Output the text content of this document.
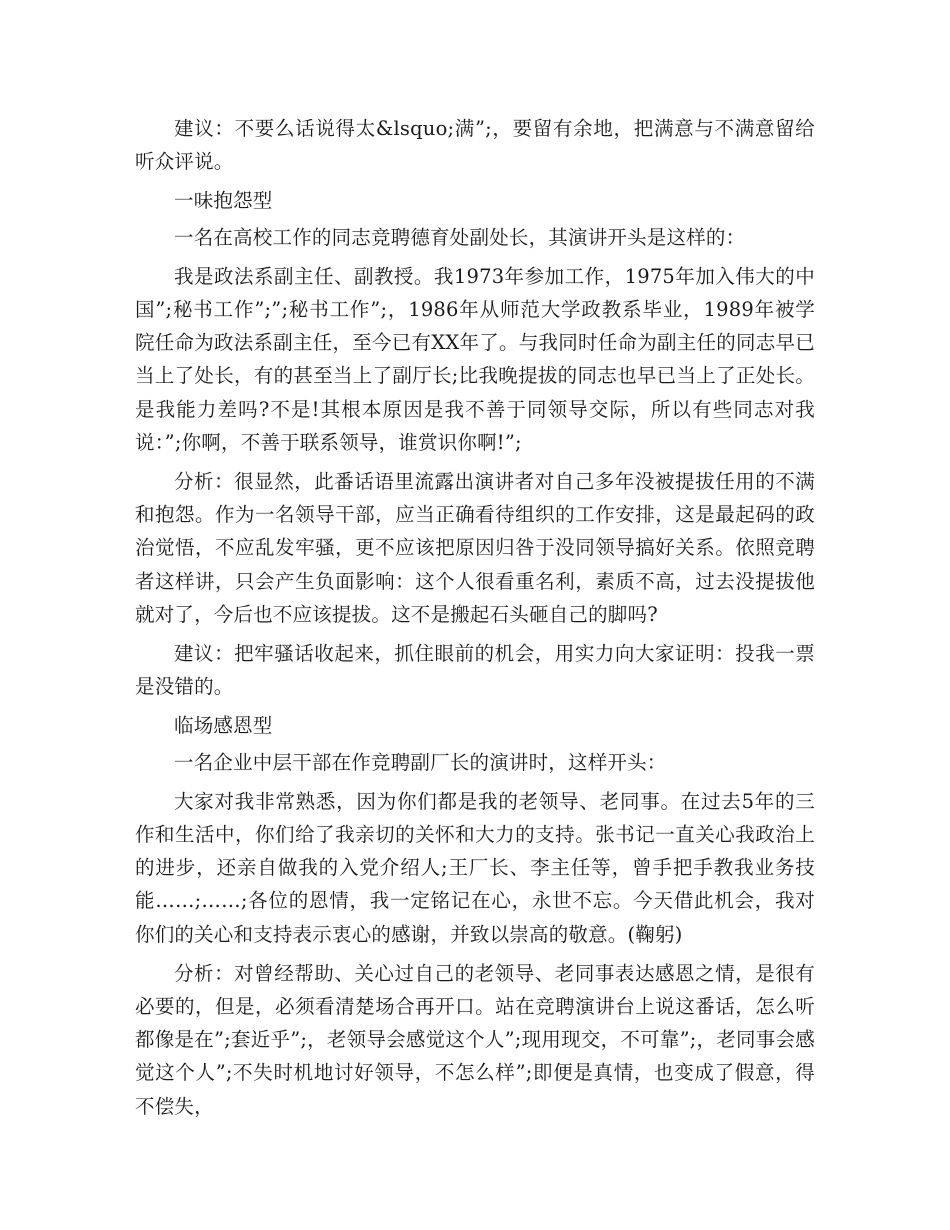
建议：不要么话说得太&lsquo;满”;，要留有余地，把满意与不满意留给听众评说。

一味抱怨型

一名在高校工作的同志竞聘德育处副处长，其演讲开头是这样的：

我是政法系副主任、副教授。我1973年参加工作，1975年加入伟大的中国”;秘书工作”;”;秘书工作”;，1986年从师范大学政教系毕业，1989年被学院任命为政法系副主任，至今已有XX年了。与我同时任命为副主任的同志早已当上了处长，有的甚至当上了副厅长;比我晚提拔的同志也早已当上了正处长。是我能力差吗?不是!其根本原因是我不善于同领导交际，所以有些同志对我说：”;你啊，不善于联系领导，谁赏识你啊!”;

分析：很显然，此番话语里流露出演讲者对自己多年没被提拔任用的不满和抱怨。作为一名领导干部，应当正确看待组织的工作安排，这是最起码的政治觉悟，不应乱发牢骚，更不应该把原因归咎于没同领导搞好关系。依照竞聘者这样讲，只会产生负面影响：这个人很看重名利，素质不高，过去没提拔他就对了，今后也不应该提拔。这不是搬起石头砸自己的脚吗?

建议：把牢骚话收起来，抓住眼前的机会，用实力向大家证明：投我一票是没错的。

临场感恩型

一名企业中层干部在作竞聘副厂长的演讲时，这样开头：

大家对我非常熟悉，因为你们都是我的老领导、老同事。在过去5年的三作和生活中，你们给了我亲切的关怀和大力的支持。张书记一直关心我政治上的进步，还亲自做我的入党介绍人;王厂长、李主任等，曾手把手教我业务技能……;……;各位的恩情，我一定铭记在心，永世不忘。今天借此机会，我对你们的关心和支持表示衷心的感谢，并致以崇高的敬意。(鞠躬)

分析：对曾经帮助、关心过自己的老领导、老同事表达感恩之情，是很有必要的，但是，必须看清楚场合再开口。站在竞聘演讲台上说这番话，怎么听都像是在”;套近乎”;，老领导会感觉这个人”;现用现交，不可靠”;，老同事会感觉这个人”;不失时机地讨好领导，不怎么样”;即便是真情，也变成了假意，得不偿失，
